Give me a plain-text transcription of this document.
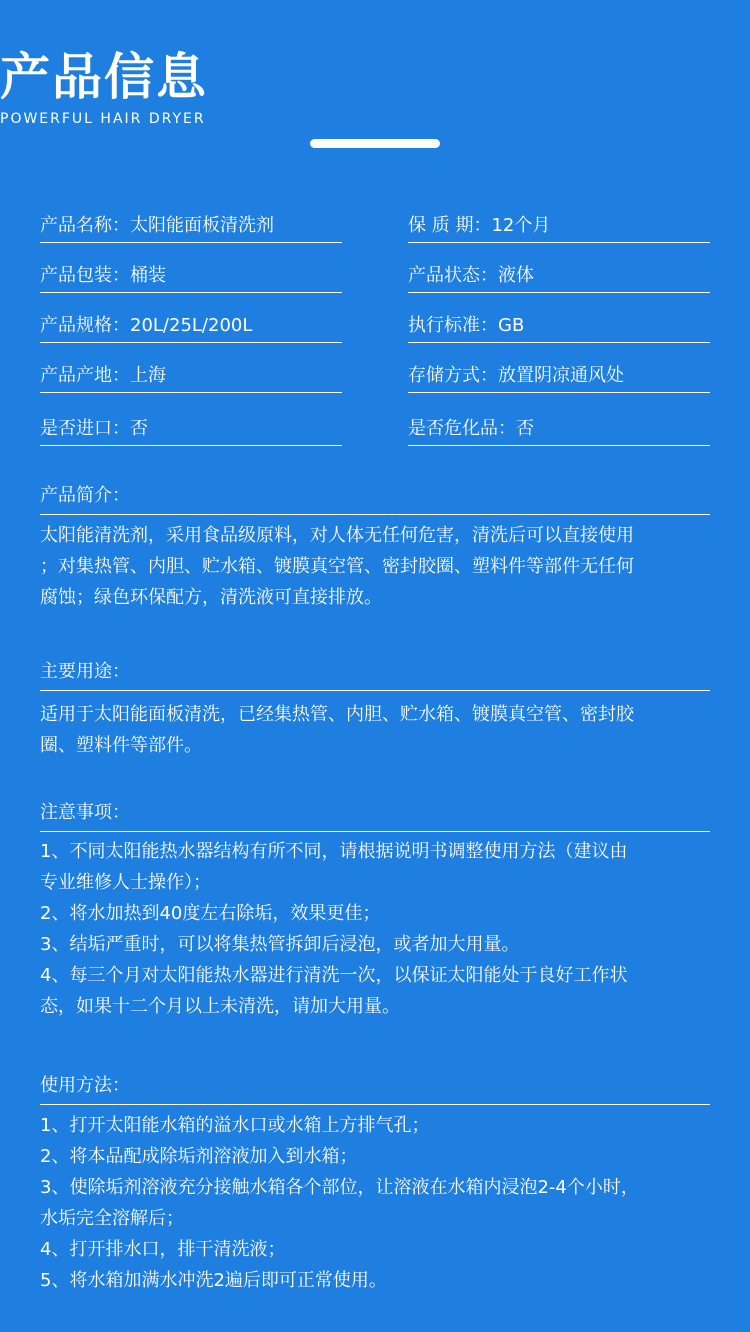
产品信息
POWERFUL HAIR DRYER
产品名称：太阳能面板清洗剂	保 质 期：12个月
产品包装：桶装	产品状态：液体
产品规格：20L/25L/200L	执行标准：GB
产品产地：上海	存储方式：放置阴凉通风处
是否进口：否	是否危化品：否
产品简介：
太阳能清洗剂，采用食品级原料，对人体无任何危害，清洗后可以直接使用
；对集热管、内胆、贮水箱、镀膜真空管、密封胶圈、塑料件等部件无任何
腐蚀；绿色环保配方，清洗液可直接排放。
主要用途：
适用于太阳能面板清洗，已经集热管、内胆、贮水箱、镀膜真空管、密封胶
圈、塑料件等部件。
注意事项：
1、不同太阳能热水器结构有所不同，请根据说明书调整使用方法（建议由
专业维修人士操作）；
2、将水加热到40度左右除垢，效果更佳；
3、结垢严重时，可以将集热管拆卸后浸泡，或者加大用量。
4、每三个月对太阳能热水器进行清洗一次，以保证太阳能处于良好工作状
态，如果十二个月以上未清洗，请加大用量。
使用方法：
1、打开太阳能水箱的溢水口或水箱上方排气孔；
2、将本品配成除垢剂溶液加入到水箱；
3、使除垢剂溶液充分接触水箱各个部位，让溶液在水箱内浸泡2-4个小时，
水垢完全溶解后；
4、打开排水口，排干清洗液；
5、将水箱加满水冲洗2遍后即可正常使用。
